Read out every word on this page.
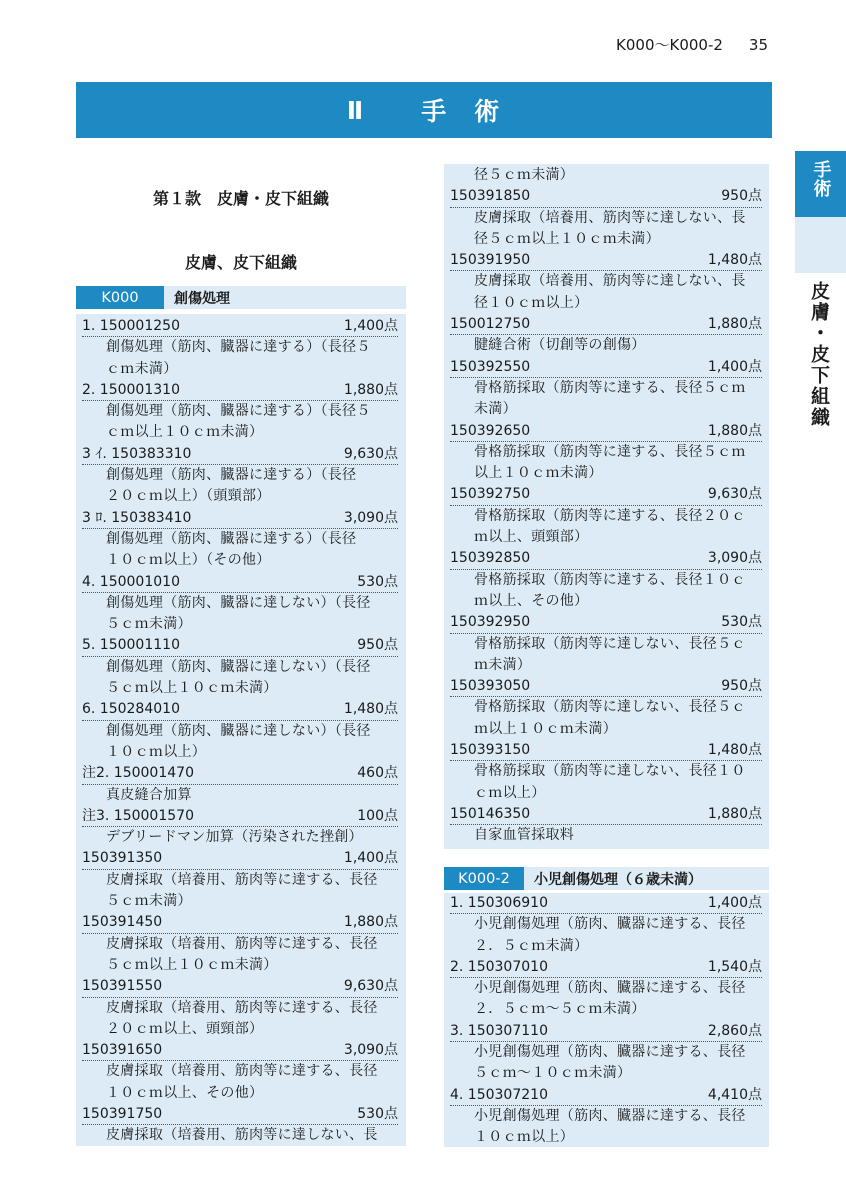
K000～K000-2 35
Ⅱ 手 術
手術
皮膚・皮下組織
第１款　皮膚・皮下組織
皮膚、皮下組織
K000	創傷処理
1. 150001250	1,400点
創傷処理（筋肉、臓器に達する）（長径５
ｃｍ未満）
2. 150001310	1,880点
創傷処理（筋肉、臓器に達する）（長径５
ｃｍ以上１０ｃｍ未満）
3 ｲ. 150383310	9,630点
創傷処理（筋肉、臓器に達する）（長径
２０ｃｍ以上）（頭頸部）
3 ﾛ. 150383410	3,090点
創傷処理（筋肉、臓器に達する）（長径
１０ｃｍ以上）（その他）
4. 150001010	530点
創傷処理（筋肉、臓器に達しない）（長径
５ｃｍ未満）
5. 150001110	950点
創傷処理（筋肉、臓器に達しない）（長径
５ｃｍ以上１０ｃｍ未満）
6. 150284010	1,480点
創傷処理（筋肉、臓器に達しない）（長径
１０ｃｍ以上）
注2. 150001470	460点
真皮縫合加算
注3. 150001570	100点
デブリードマン加算（汚染された挫創）
150391350	1,400点
皮膚採取（培養用、筋肉等に達する、長径
５ｃｍ未満）
150391450	1,880点
皮膚採取（培養用、筋肉等に達する、長径
５ｃｍ以上１０ｃｍ未満）
150391550	9,630点
皮膚採取（培養用、筋肉等に達する、長径
２０ｃｍ以上、頭頸部）
150391650	3,090点
皮膚採取（培養用、筋肉等に達する、長径
１０ｃｍ以上、その他）
150391750	530点
皮膚採取（培養用、筋肉等に達しない、長
径５ｃｍ未満）
150391850	950点
皮膚採取（培養用、筋肉等に達しない、長
径５ｃｍ以上１０ｃｍ未満）
150391950	1,480点
皮膚採取（培養用、筋肉等に達しない、長
径１０ｃｍ以上）
150012750	1,880点
腱縫合術（切創等の創傷）
150392550	1,400点
骨格筋採取（筋肉等に達する、長径５ｃｍ
未満）
150392650	1,880点
骨格筋採取（筋肉等に達する、長径５ｃｍ
以上１０ｃｍ未満）
150392750	9,630点
骨格筋採取（筋肉等に達する、長径２０ｃ
ｍ以上、頭頸部）
150392850	3,090点
骨格筋採取（筋肉等に達する、長径１０ｃ
ｍ以上、その他）
150392950	530点
骨格筋採取（筋肉等に達しない、長径５ｃ
ｍ未満）
150393050	950点
骨格筋採取（筋肉等に達しない、長径５ｃ
ｍ以上１０ｃｍ未満）
150393150	1,480点
骨格筋採取（筋肉等に達しない、長径１０
ｃｍ以上）
150146350	1,880点
自家血管採取料
K000-2	小児創傷処理（６歳未満）
1. 150306910	1,400点
小児創傷処理（筋肉、臓器に達する、長径
２．５ｃｍ未満）
2. 150307010	1,540点
小児創傷処理（筋肉、臓器に達する、長径
２．５ｃｍ～５ｃｍ未満）
3. 150307110	2,860点
小児創傷処理（筋肉、臓器に達する、長径
５ｃｍ～１０ｃｍ未満）
4. 150307210	4,410点
小児創傷処理（筋肉、臓器に達する、長径
１０ｃｍ以上）
